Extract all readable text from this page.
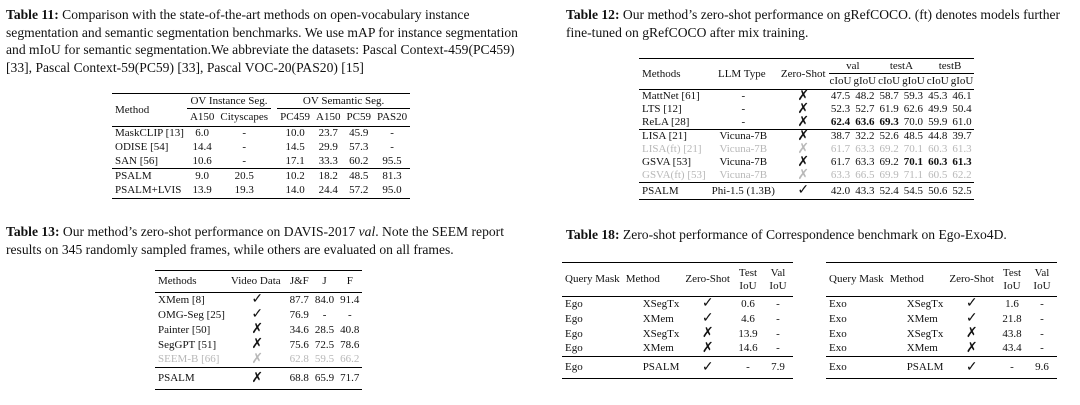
Table 11: Comparison with the state-of-the-art methods on open-vocabulary instance segmentation and semantic segmentation benchmarks. We use mAP for instance segmentation and mIoU for semantic segmentation.We abbreviate the datasets: Pascal Context-459(PC459) [33], Pascal Context-59(PC59) [33], Pascal VOC-20(PAS20) [15]
Method	OV Instance Seg.			OV Semantic Seg.			
	A150	Cityscapes		PC459	A150	PC59	PAS20
MaskCLIP [13]	6.0	-		10.0	23.7	45.9	-
ODISE [54]	14.4	-		14.5	29.9	57.3	-
SAN [56]	10.6	-		17.1	33.3	60.2	95.5
PSALM	9.0	20.5		10.2	18.2	48.5	81.3
PSALM+LVIS	13.9	19.3		14.0	24.4	57.2	95.0
Table 13: Our method’s zero-shot performance on DAVIS-2017 val. Note the SEEM report results on 345 randomly sampled frames, while others are evaluated on all frames.
Methods	Video Data	J&F	J	F
XMem [8]	✓	87.7	84.0	91.4
OMG-Seg [25]	✓	76.9	-	-
Painter [50]	✗	34.6	28.5	40.8
SegGPT [51]	✗	75.6	72.5	78.6
SEEM-B [66]	✗	62.8	59.5	66.2
PSALM	✗	68.8	65.9	71.7
Table 12: Our method’s zero-shot performance on gRefCOCO. (ft) denotes models further fine-tuned on gRefCOCO after mix training.
Methods	LLM Type	Zero-Shot	val		testA		testB	
			cIoU	gIoU	cIoU	gIoU	cIoU	gIoU
MattNet [61]	-	✗	47.5	48.2	58.7	59.3	45.3	46.1
LTS [12]	-	✗	52.3	52.7	61.9	62.6	49.9	50.4
ReLA [28]	-	✗	62.4	63.6	69.3	70.0	59.9	61.0
LISA [21]	Vicuna-7B	✗	38.7	32.2	52.6	48.5	44.8	39.7
LISA(ft) [21]	Vicuna-7B	✗	61.7	63.3	69.2	70.1	60.3	61.3
GSVA [53]	Vicuna-7B	✗	61.7	63.3	69.2	70.1	60.3	61.3
GSVA(ft) [53]	Vicuna-7B	✗	63.3	66.5	69.9	71.1	60.5	62.2
PSALM	Phi-1.5 (1.3B)	✓	42.0	43.3	52.4	54.5	50.6	52.5
Table 18: Zero-shot performance of Correspondence benchmark on Ego-Exo4D.
Query Mask	Method	Zero-Shot	Test IoU	Val IoU
Ego	XSegTx	✓	0.6	-
Ego	XMem	✓	4.6	-
Ego	XSegTx	✗	13.9	-
Ego	XMem	✗	14.6	-
Ego	PSALM	✓	-	7.9
Query Mask	Method	Zero-Shot	Test IoU	Val IoU
Exo	XSegTx	✓	1.6	-
Exo	XMem	✓	21.8	-
Exo	XSegTx	✗	43.8	-
Exo	XMem	✗	43.4	-
Exo	PSALM	✓	-	9.6
